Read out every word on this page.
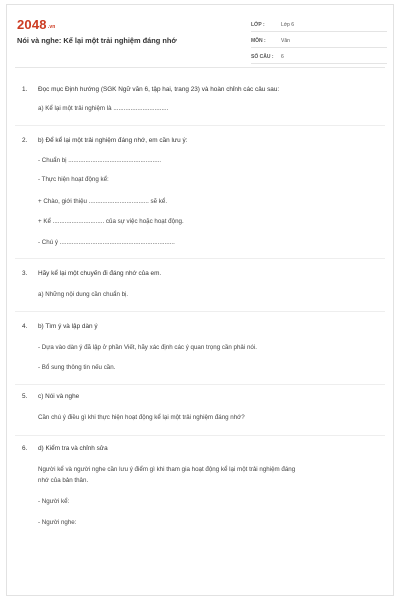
$2048^{.vn}$
Nói và nghe: Kể lại một trải nghiệm đáng nhớ
LỚP :	Lớp 6
MÔN :	Văn
SỐ CÂU :	6
1. Đọc mục Định hướng (SGK Ngữ văn 6, tập hai, trang 23) và hoàn chỉnh các câu sau:
a) Kể lại một trải nghiệm là ................................
2. b) Để kể lại một trải nghiệm đáng nhớ, em cần lưu ý:
- Chuẩn bị ......................................................
- Thực hiện hoạt động kể:
+ Chào, giới thiệu ................................... sẽ kể.
+ Kể .............................. của sự việc hoặc hoạt động.
- Chú ý ...................................................................
3. Hãy kể lại một chuyến đi đáng nhớ của em.
a) Những nội dung cần chuẩn bị.
4. b) Tìm ý và lập dàn ý
- Dựa vào dàn ý đã lập ở phần Viết, hãy xác định các ý quan trọng cần phải nói.
- Bổ sung thông tin nếu cần.
5. c) Nói và nghe
Cần chú ý điều gì khi thực hiện hoạt động kể lại một trải nghiệm đáng nhớ?
6. d) Kiểm tra và chỉnh sửa
Người kể và người nghe cần lưu ý điểm gì khi tham gia hoạt động kể lại một trải nghiệm đáng
nhớ của bản thân.
- Người kể:
- Người nghe:
